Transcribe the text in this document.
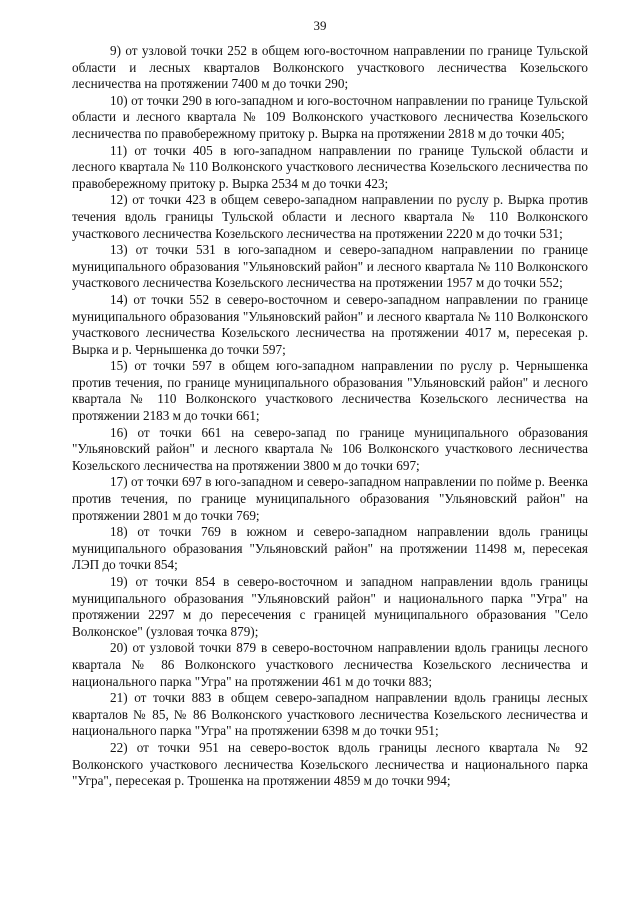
39

9) от узловой точки 252 в общем юго-восточном направлении по границе Тульской области и лесных кварталов Волконского участкового лесничества Козельского лесничества на протяжении 7400 м до точки 290;

10) от точки 290 в юго-западном и юго-восточном направлении по границе Тульской области и лесного квартала № 109 Волконского участкового лесничества Козельского лесничества по правобережному притоку р. Вырка на протяжении 2818 м до точки 405;

11) от точки 405 в юго-западном направлении по границе Тульской области и лесного квартала № 110 Волконского участкового лесничества Козельского лесничества по правобережному притоку р. Вырка 2534 м до точки 423;

12) от точки 423 в общем северо-западном направлении по руслу р. Вырка против течения вдоль границы Тульской области и лесного квартала № 110 Волконского участкового лесничества Козельского лесничества на протяжении 2220 м до точки 531;

13) от точки 531 в юго-западном и северо-западном направлении по границе муниципального образования "Ульяновский район" и лесного квартала № 110 Волконского участкового лесничества Козельского лесничества на протяжении 1957 м до точки 552;

14) от точки 552 в северо-восточном и северо-западном направлении по границе муниципального образования "Ульяновский район" и лесного квартала № 110 Волконского участкового лесничества Козельского лесничества на протяжении 4017 м, пересекая р. Вырка и р. Чернышенка до точки 597;

15) от точки 597 в общем юго-западном направлении по руслу р. Чернышенка против течения, по границе муниципального образования "Ульяновский район" и лесного квартала № 110 Волконского участкового лесничества Козельского лесничества на протяжении 2183 м до точки 661;

16) от точки 661 на северо-запад по границе муниципального образования "Ульяновский район" и лесного квартала № 106 Волконского участкового лесничества Козельского лесничества на протяжении 3800 м до точки 697;

17) от точки 697 в юго-западном и северо-западном направлении по пойме р. Веенка против течения, по границе муниципального образования "Ульяновский район" на протяжении 2801 м до точки 769;

18) от точки 769 в южном и северо-западном направлении вдоль границы муниципального образования "Ульяновский район" на протяжении 11498 м, пересекая ЛЭП до точки 854;

19) от точки 854 в северо-восточном и западном направлении вдоль границы муниципального образования "Ульяновский район" и национального парка "Угра" на протяжении 2297 м до пересечения с границей муниципального образования "Село Волконское" (узловая точка 879);

20) от узловой точки 879 в северо-восточном направлении вдоль границы лесного квартала № 86 Волконского участкового лесничества Козельского лесничества и национального парка "Угра" на протяжении 461 м до точки 883;

21) от точки 883 в общем северо-западном направлении вдоль границы лесных кварталов № 85, № 86 Волконского участкового лесничества Козельского лесничества и национального парка "Угра" на протяжении 6398 м до точки 951;

22) от точки 951 на северо-восток вдоль границы лесного квартала № 92 Волконского участкового лесничества Козельского лесничества и национального парка "Угра", пересекая р. Трошенка на протяжении 4859 м до точки 994;
